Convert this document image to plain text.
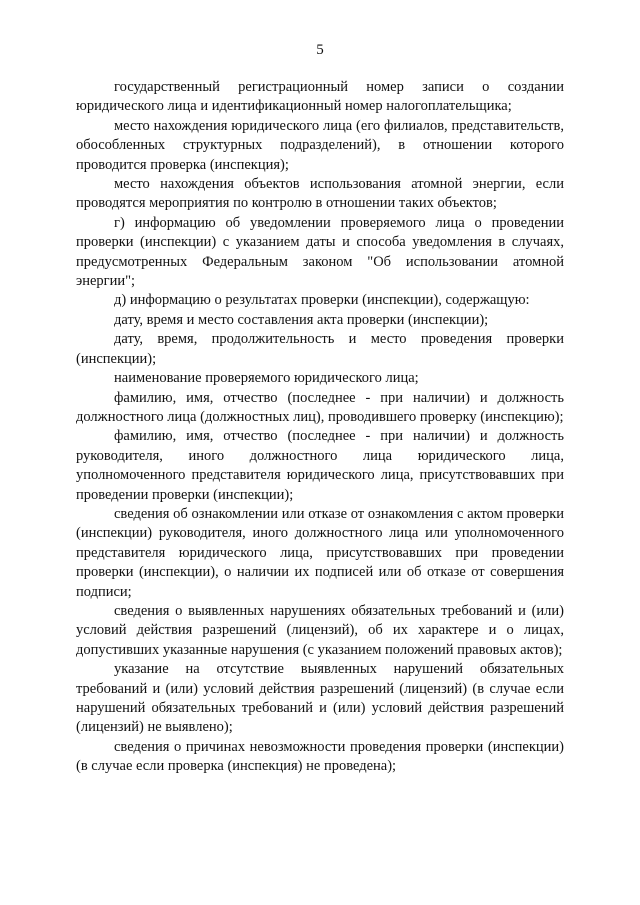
5

государственный регистрационный номер записи о создании юридического лица и идентификационный номер налогоплательщика;

место нахождения юридического лица (его филиалов, представительств, обособленных структурных подразделений), в отношении которого проводится проверка (инспекция);

место нахождения объектов использования атомной энергии, если проводятся мероприятия по контролю в отношении таких объектов;

г) информацию об уведомлении проверяемого лица о проведении проверки (инспекции) с указанием даты и способа уведомления в случаях, предусмотренных Федеральным законом "Об использовании атомной энергии";

д) информацию о результатах проверки (инспекции), содержащую:

дату, время и место составления акта проверки (инспекции);

дату, время, продолжительность и место проведения проверки (инспекции);

наименование проверяемого юридического лица;

фамилию, имя, отчество (последнее - при наличии) и должность должностного лица (должностных лиц), проводившего проверку (инспекцию);

фамилию, имя, отчество (последнее - при наличии) и должность руководителя, иного должностного лица юридического лица, уполномоченного представителя юридического лица, присутствовавших при проведении проверки (инспекции);

сведения об ознакомлении или отказе от ознакомления с актом проверки (инспекции) руководителя, иного должностного лица или уполномоченного представителя юридического лица, присутствовавших при проведении проверки (инспекции), о наличии их подписей или об отказе от совершения подписи;

сведения о выявленных нарушениях обязательных требований и (или) условий действия разрешений (лицензий), об их характере и о лицах, допустивших указанные нарушения (с указанием положений правовых актов);

указание на отсутствие выявленных нарушений обязательных требований и (или) условий действия разрешений (лицензий) (в случае если нарушений обязательных требований и (или) условий действия разрешений (лицензий) не выявлено);

сведения о причинах невозможности проведения проверки (инспекции) (в случае если проверка (инспекция) не проведена);
